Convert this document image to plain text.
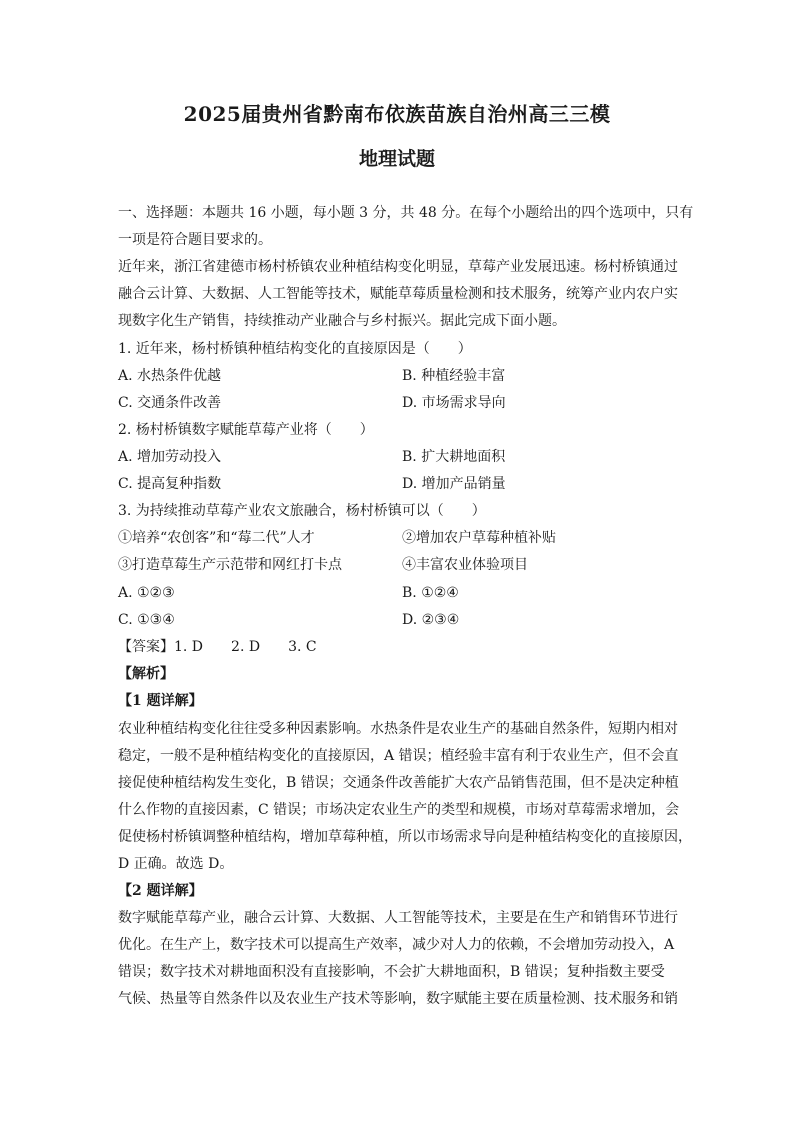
2025届贵州省黔南布依族苗族自治州高三三模
地理试题
一、选择题：本题共 16 小题，每小题 3 分，共 48 分。在每个小题给出的四个选项中，只有
一项是符合题目要求的。
近年来，浙江省建德市杨村桥镇农业种植结构变化明显，草莓产业发展迅速。杨村桥镇通过
融合云计算、大数据、人工智能等技术，赋能草莓质量检测和技术服务，统筹产业内农户实
现数字化生产销售，持续推动产业融合与乡村振兴。据此完成下面小题。
1. 近年来，杨村桥镇种植结构变化的直接原因是（　　）
A. 水热条件优越	B. 种植经验丰富
C. 交通条件改善	D. 市场需求导向
2. 杨村桥镇数字赋能草莓产业将（　　）
A. 增加劳动投入	B. 扩大耕地面积
C. 提高复种指数	D. 增加产品销量
3. 为持续推动草莓产业农文旅融合，杨村桥镇可以（　　）
①培养“农创客”和“莓二代”人才	②增加农户草莓种植补贴
③打造草莓生产示范带和网红打卡点	④丰富农业体验项目
A. ①②③	B. ①②④
C. ①③④	D. ②③④
【答案】1. D　　2. D　　3. C
【解析】
【1 题详解】
农业种植结构变化往往受多种因素影响。水热条件是农业生产的基础自然条件，短期内相对
稳定，一般不是种植结构变化的直接原因，A 错误；植经验丰富有利于农业生产，但不会直
接促使种植结构发生变化，B 错误；交通条件改善能扩大农产品销售范围，但不是决定种植
什么作物的直接因素，C 错误；市场决定农业生产的类型和规模，市场对草莓需求增加，会
促使杨村桥镇调整种植结构，增加草莓种植，所以市场需求导向是种植结构变化的直接原因，
D 正确。故选 D。
【2 题详解】
数字赋能草莓产业，融合云计算、大数据、人工智能等技术，主要是在生产和销售环节进行
优化。在生产上，数字技术可以提高生产效率，减少对人力的依赖，不会增加劳动投入，A
错误；数字技术对耕地面积没有直接影响，不会扩大耕地面积，B 错误；复种指数主要受
气候、热量等自然条件以及农业生产技术等影响，数字赋能主要在质量检测、技术服务和销
